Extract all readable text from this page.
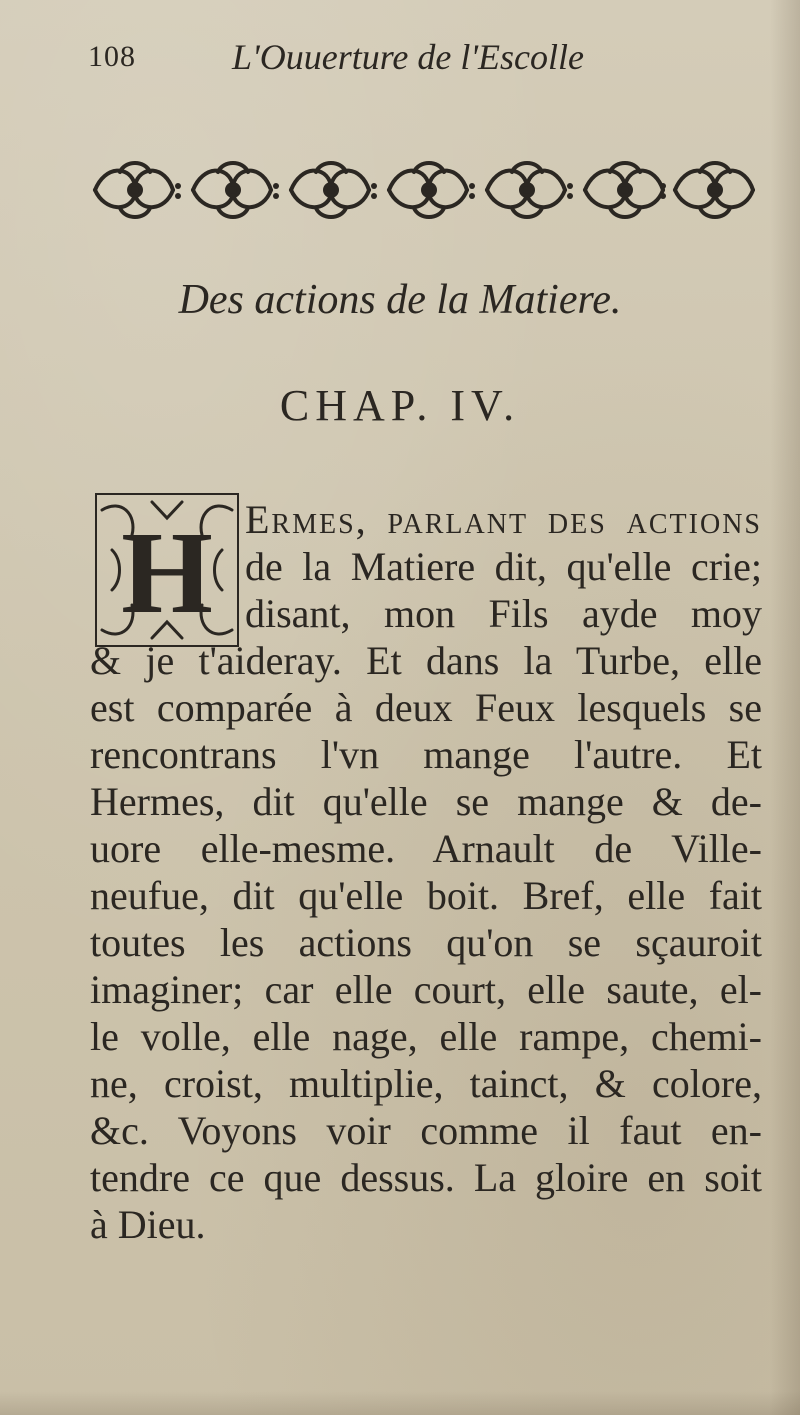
108	L'Ouuerture de l'Escolle
Des actions de la Matiere.
CHAP. IV.
H Ermes, parlant des actions
de la Matiere dit, qu'elle crie;
disant, mon Fils ayde moy
& je t'aideray. Et dans la Turbe, elle
est comparée à deux Feux lesquels se
rencontrans l'vn mange l'autre. Et
Hermes, dit qu'elle se mange & de-
uore elle-mesme. Arnault de Ville-
neufue, dit qu'elle boit. Bref, elle fait
toutes les actions qu'on se sçauroit
imaginer; car elle court, elle saute, el-
le volle, elle nage, elle rampe, chemi-
ne, croist, multiplie, tainct, & colore,
&c. Voyons voir comme il faut en-
tendre ce que dessus. La gloire en soit
à Dieu.
